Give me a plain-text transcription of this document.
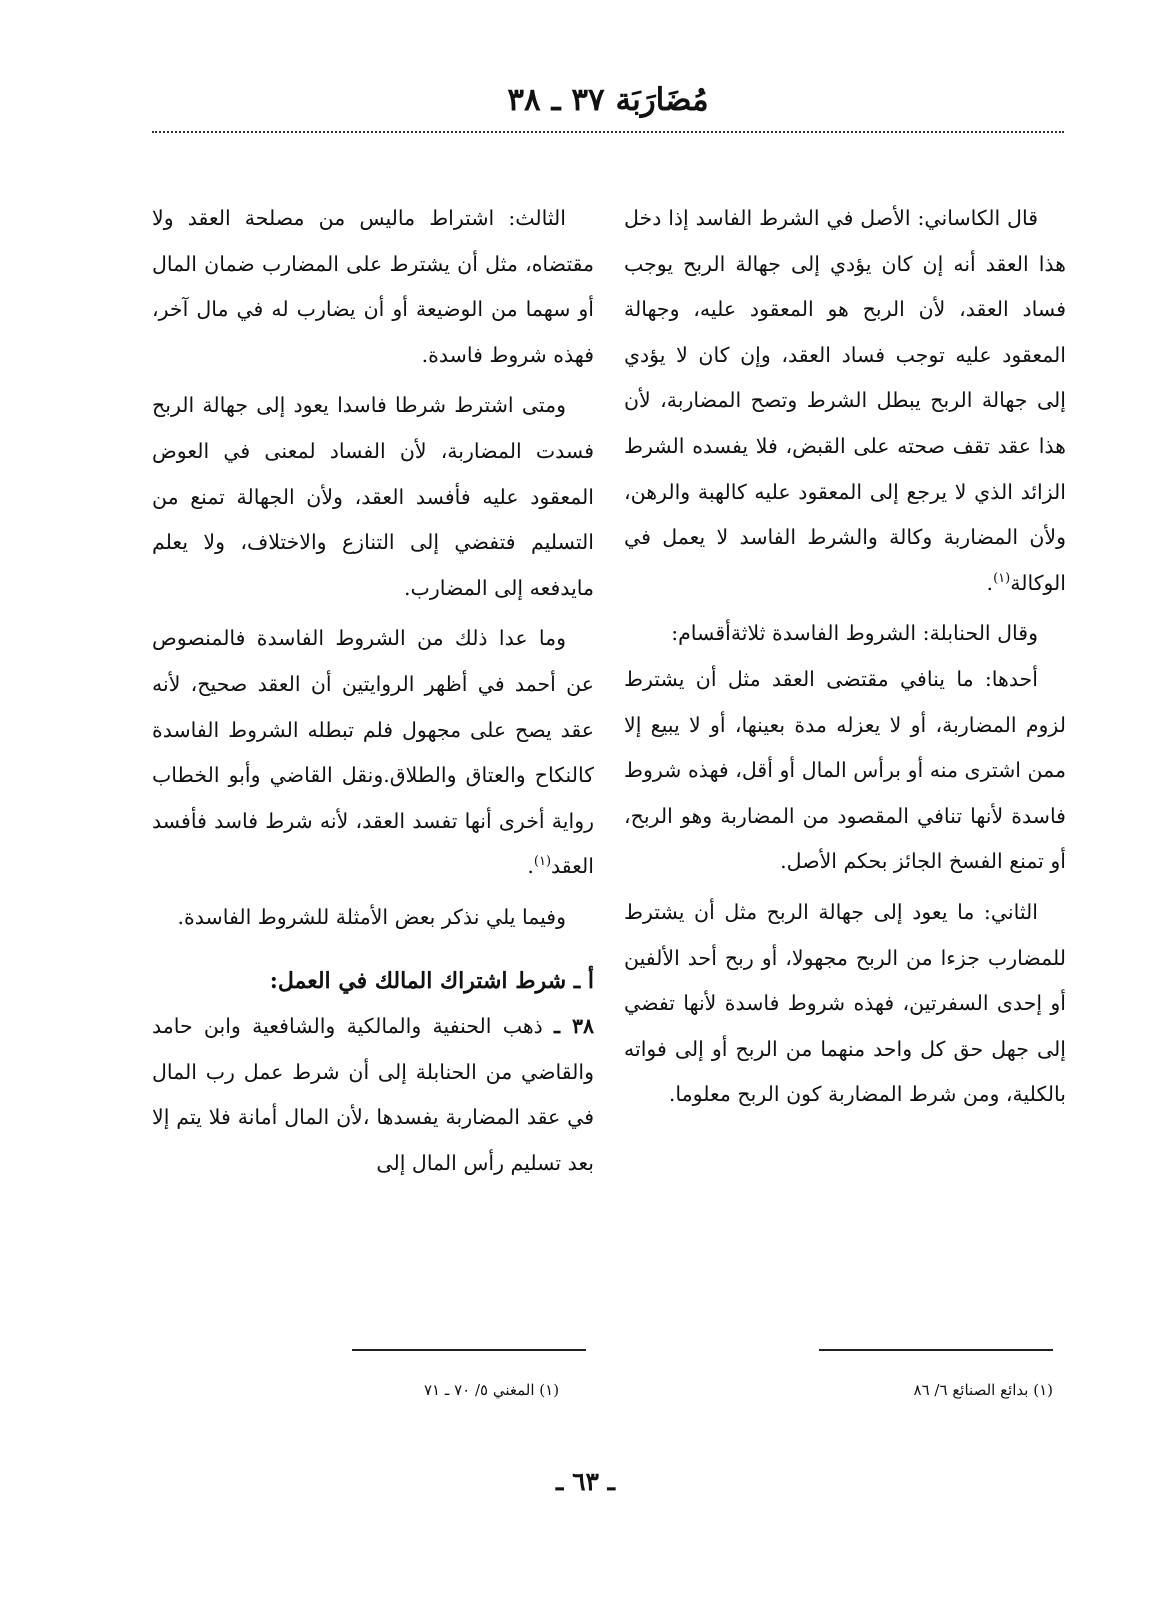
مُضَارَبَة ٣٧ ـ ٣٨

قال الكاساني: الأصل في الشرط الفاسد إذا دخل هذا العقد أنه إن كان يؤدي إلى جهالة الربح يوجب فساد العقد، لأن الربح هو المعقود عليه، وجهالة المعقود عليه توجب فساد العقد، وإن كان لا يؤدي إلى جهالة الربح يبطل الشرط وتصح المضاربة، لأن هذا عقد تقف صحته على القبض، فلا يفسده الشرط الزائد الذي لا يرجع إلى المعقود عليه كالهبة والرهن، ولأن المضاربة وكالة والشرط الفاسد لا يعمل في الوكالة$^{(١)}$.

وقال الحنابلة: الشروط الفاسدة ثلاثةأقسام:

أحدها: ما ينافي مقتضى العقد مثل أن يشترط لزوم المضاربة، أو لا يعزله مدة بعينها، أو لا يبيع إلا ممن اشترى منه أو برأس المال أو أقل، فهذه شروط فاسدة لأنها تنافي المقصود من المضاربة وهو الربح، أو تمنع الفسخ الجائز بحكم الأصل.

الثاني: ما يعود إلى جهالة الربح مثل أن يشترط للمضارب جزءا من الربح مجهولا، أو ربح أحد الألفين أو إحدى السفرتين، فهذه شروط فاسدة لأنها تفضي إلى جهل حق كل واحد منهما من الربح أو إلى فواته بالكلية، ومن شرط المضاربة كون الربح معلوما.

الثالث: اشتراط ماليس من مصلحة العقد ولا مقتضاه، مثل أن يشترط على المضارب ضمان المال أو سهما من الوضيعة أو أن يضارب له في مال آخر، فهذه شروط فاسدة.

ومتى اشترط شرطا فاسدا يعود إلى جهالة الربح فسدت المضاربة، لأن الفساد لمعنى في العوض المعقود عليه فأفسد العقد، ولأن الجهالة تمنع من التسليم فتفضي إلى التنازع والاختلاف، ولا يعلم مايدفعه إلى المضارب.

وما عدا ذلك من الشروط الفاسدة فالمنصوص عن أحمد في أظهر الروايتين أن العقد صحيح، لأنه عقد يصح على مجهول فلم تبطله الشروط الفاسدة كالنكاح والعتاق والطلاق.ونقل القاضي وأبو الخطاب رواية أخرى أنها تفسد العقد، لأنه شرط فاسد فأفسد العقد$^{(١)}$.

وفيما يلي نذكر بعض الأمثلة للشروط الفاسدة.

أ ـ شرط اشتراك المالك في العمل:

٣٨ ـ ذهب الحنفية والمالكية والشافعية وابن حامد والقاضي من الحنابلة إلى أن شرط عمل رب المال في عقد المضاربة يفسدها ،لأن المال أمانة فلا يتم إلا بعد تسليم رأس المال إلى

(١) بدائع الصنائع ٦/ ٨٦
(١) المغني ٥/ ٧٠ ـ ٧١
ـ ٦٣ ـ
